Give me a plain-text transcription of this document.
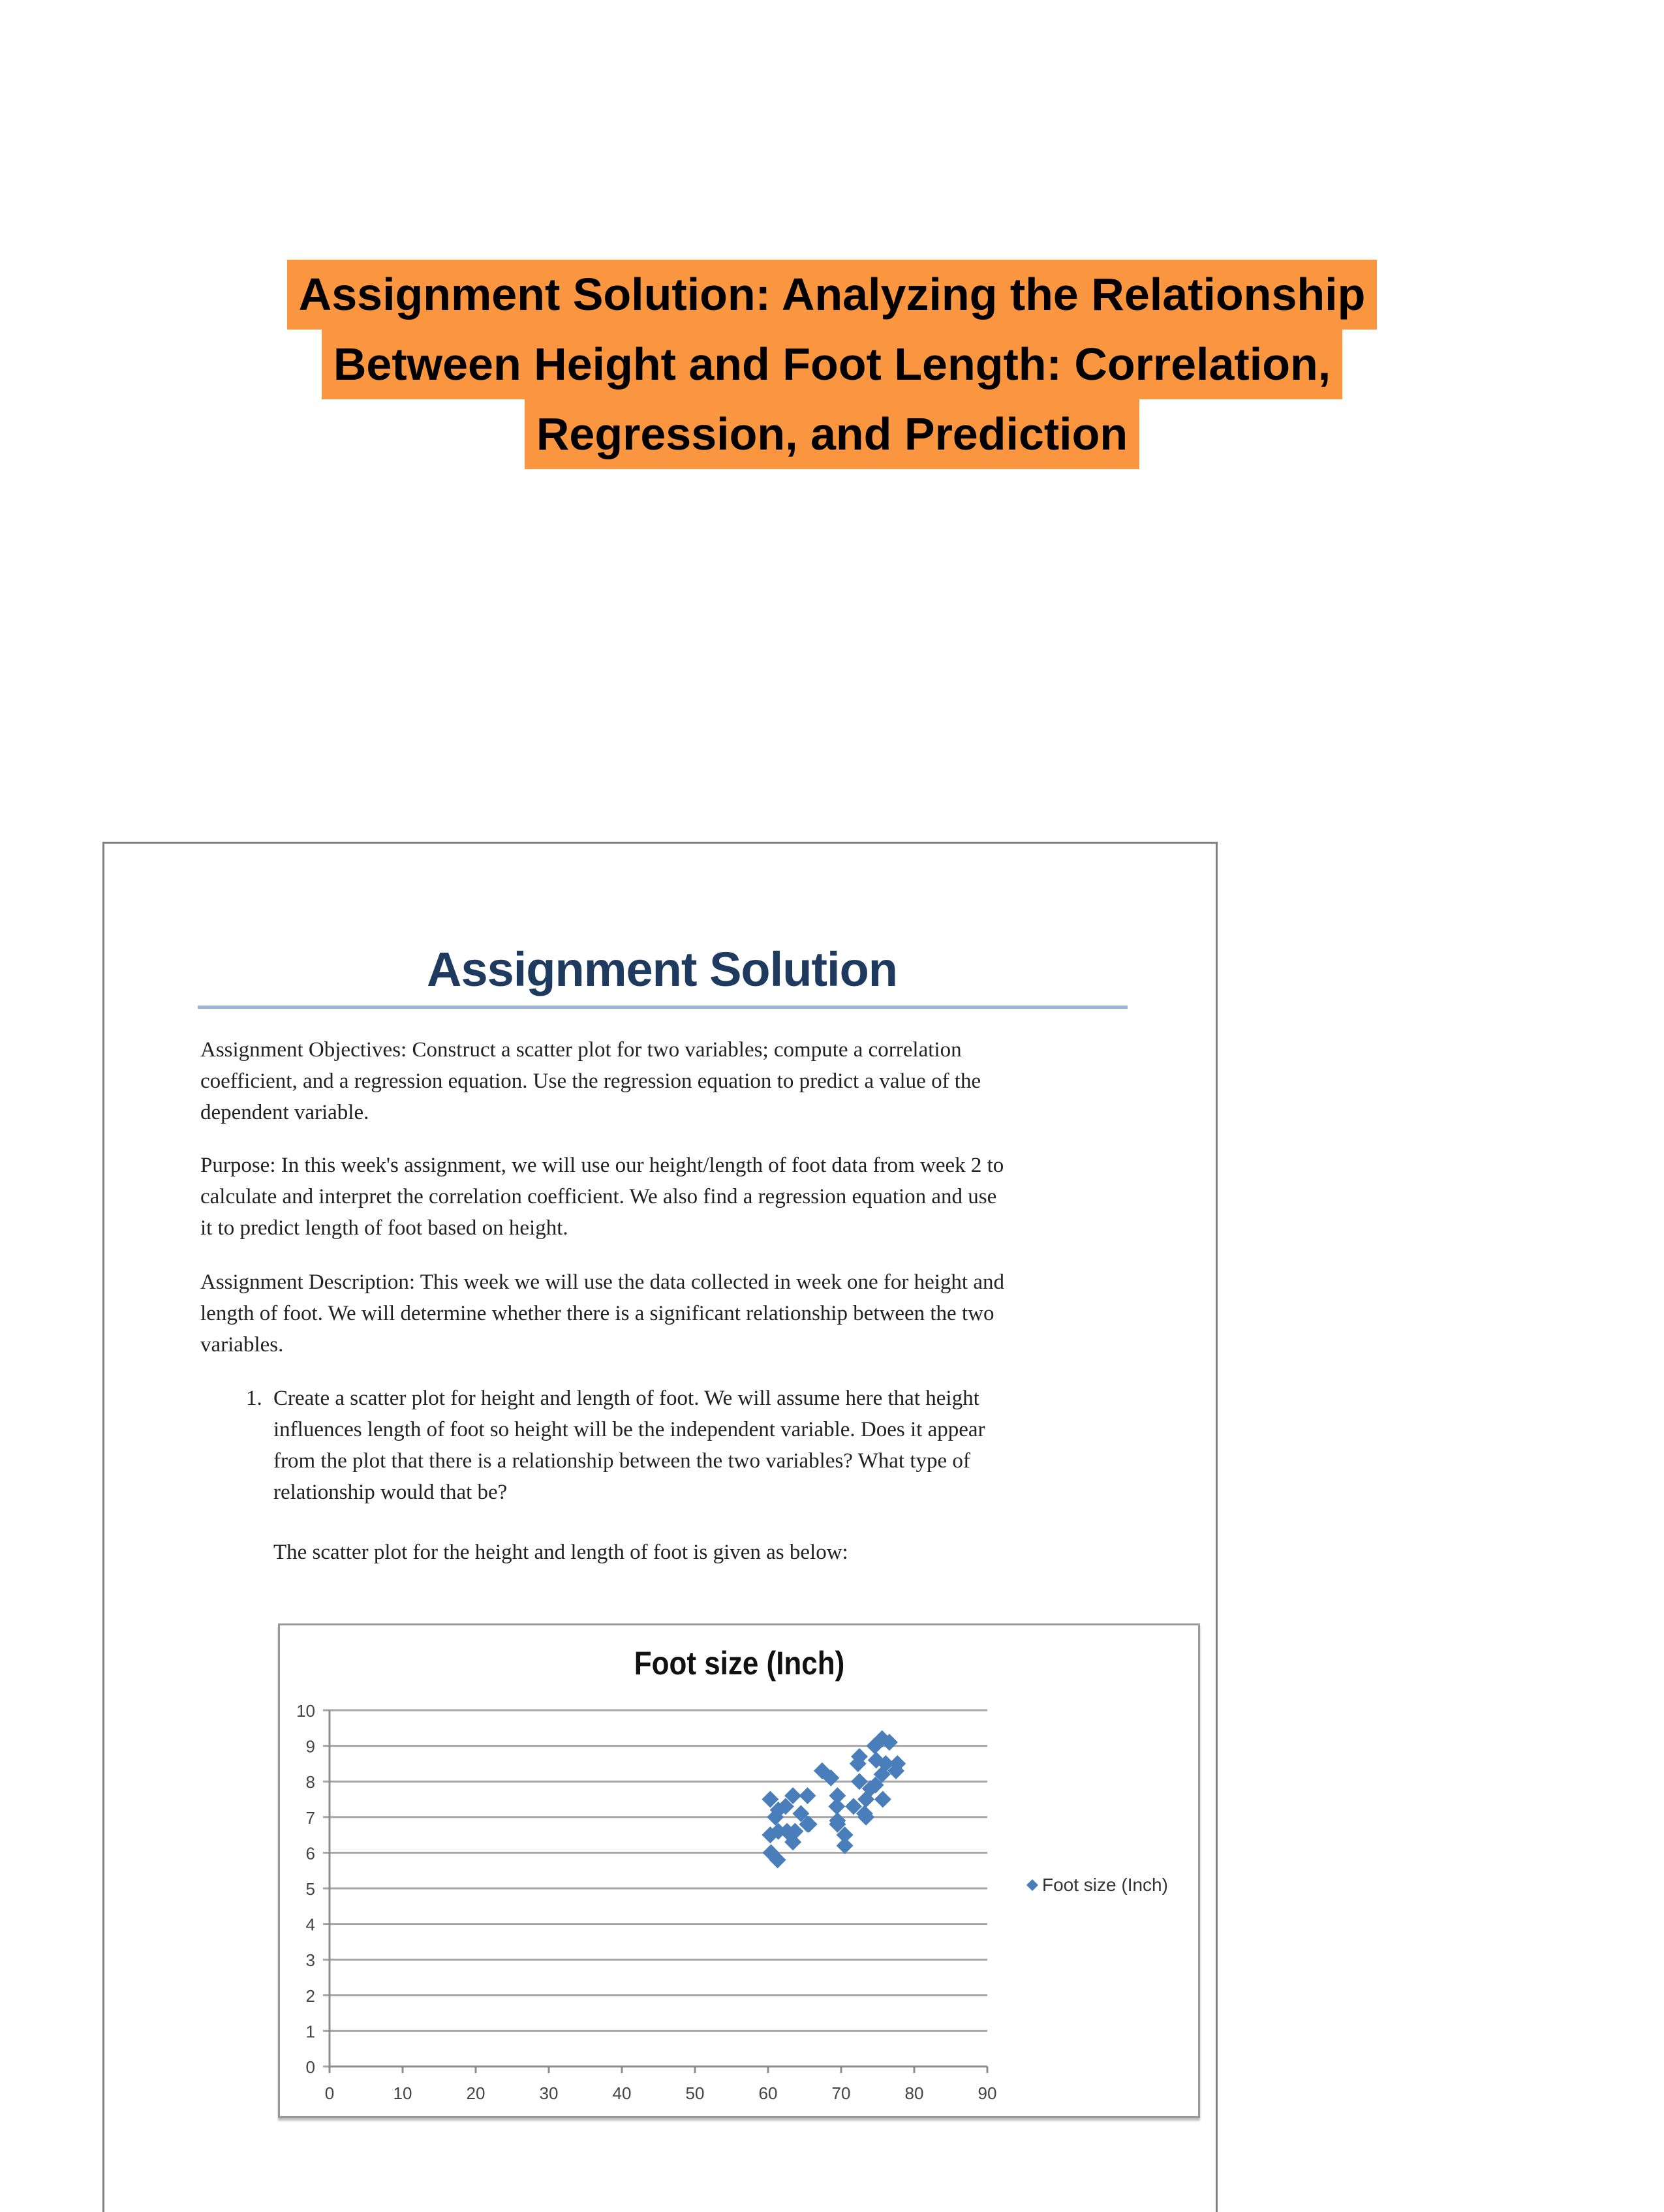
Assignment Solution: Analyzing the Relationship
Between Height and Foot Length: Correlation,
Regression, and Prediction
Assignment Solution
Assignment Objectives: Construct a scatter plot for two variables; compute a correlation
coefficient, and a regression equation. Use the regression equation to predict a value of the
dependent variable.
Purpose: In this week's assignment, we will use our height/length of foot data from week 2 to
calculate and interpret the correlation coefficient. We also find a regression equation and use
it to predict length of foot based on height.
Assignment Description: This week we will use the data collected in week one for height and
length of foot. We will determine whether there is a significant relationship between the two
variables.
1. Create a scatter plot for height and length of foot. We will assume here that height
influences length of foot so height will be the independent variable. Does it appear
from the plot that there is a relationship between the two variables? What type of
relationship would that be?
The scatter plot for the height and length of foot is given as below:
Foot size (Inch)
0
1
2
3
4
5
6
7
8
9
10
0	10	20	30	40	50	60	70	80	90
Foot size (Inch)
